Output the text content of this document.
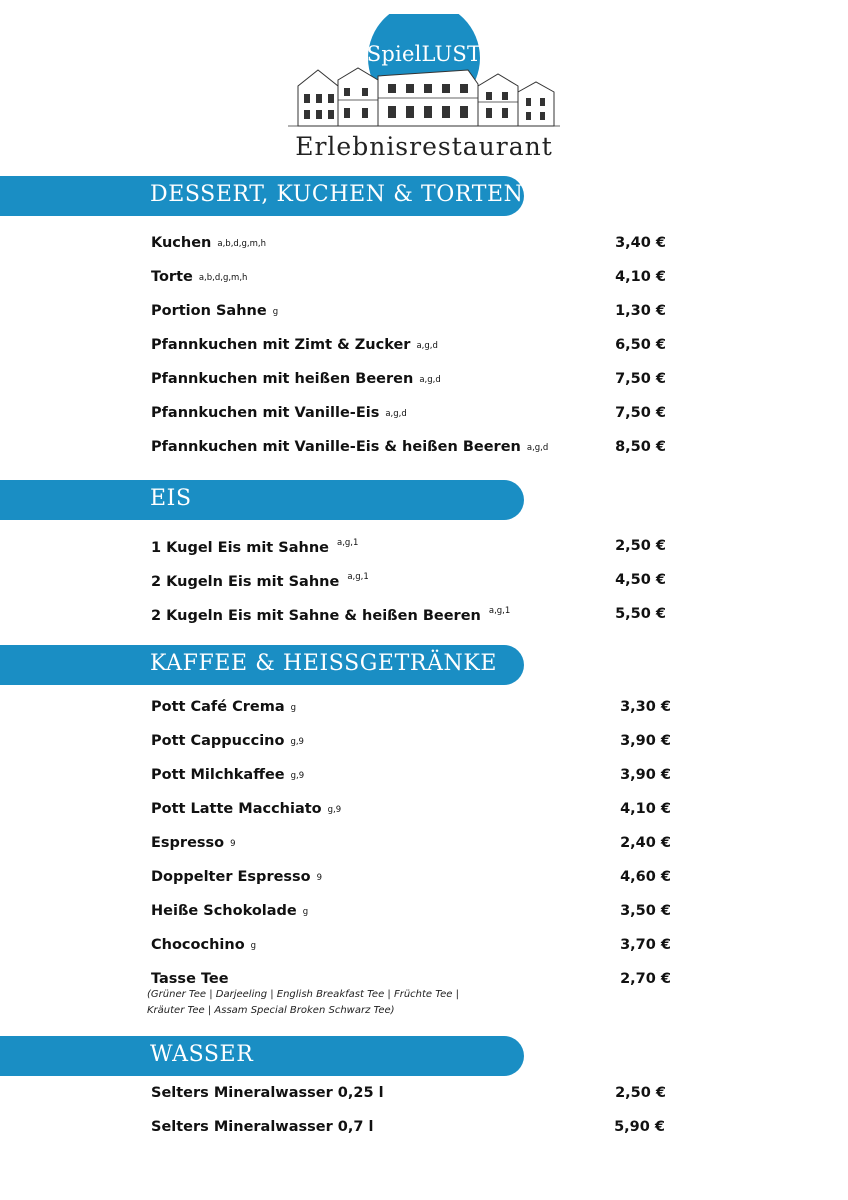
SpielLUST
Erlebnisrestaurant
DESSERT, KUCHEN & TORTEN
Kuchen a,b,d,g,m,h	3,40 €
Torte a,b,d,g,m,h	4,10 €
Portion Sahne g	1,30 €
Pfannkuchen mit Zimt & Zucker a,g,d	6,50 €
Pfannkuchen mit heißen Beeren a,g,d	7,50 €
Pfannkuchen mit Vanille-Eis a,g,d	7,50 €
Pfannkuchen mit Vanille-Eis & heißen Beeren a,g,d	8,50 €
EIS
1 Kugel Eis mit Sahne $^{a,g,1}$	2,50 €
2 Kugeln Eis mit Sahne $^{a,g,1}$	4,50 €
2 Kugeln Eis mit Sahne & heißen Beeren $^{a,g,1}$	5,50 €
KAFFEE & HEISSGETRÄNKE
Pott Café Crema g	3,30 €
Pott Cappuccino g,9	3,90 €
Pott Milchkaffee g,9	3,90 €
Pott Latte Macchiato g,9	4,10 €
Espresso 9	2,40 €
Doppelter Espresso 9	4,60 €
Heiße Schokolade g	3,50 €
Chocochino g	3,70 €
Tasse Tee	2,70 €
(Grüner Tee | Darjeeling | English Breakfast Tee | Früchte Tee |
Kräuter Tee | Assam Special Broken Schwarz Tee)
WASSER
Selters Mineralwasser 0,25 l	2,50 €
Selters Mineralwasser 0,7 l	5,90 €
